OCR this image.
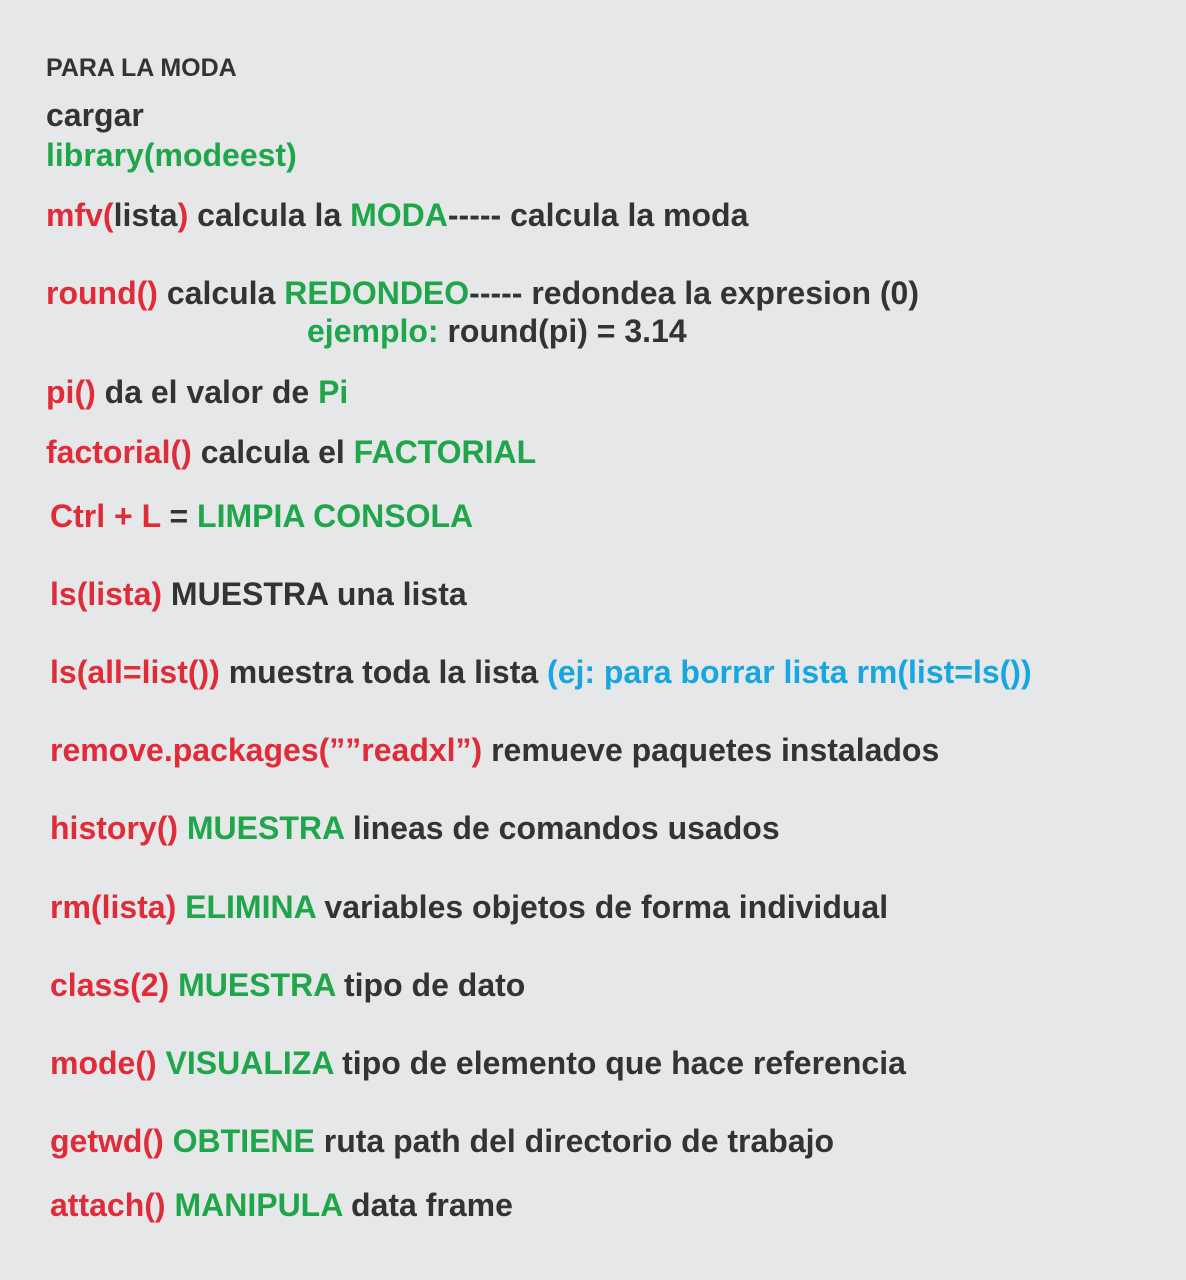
PARA LA MODA
cargar
library(modeest)
mfv(lista) calcula la MODA----- calcula la moda
round() calcula REDONDEO----- redondea la expresion (0)
ejemplo: round(pi) = 3.14
pi() da el valor de Pi
factorial() calcula el FACTORIAL
Ctrl + L = LIMPIA CONSOLA
ls(lista) MUESTRA una lista
ls(all=list()) muestra toda la lista (ej: para borrar lista rm(list=ls())
remove.packages(””readxl”) remueve paquetes instalados
history() MUESTRA lineas de comandos usados
rm(lista) ELIMINA variables objetos de forma individual
class(2) MUESTRA tipo de dato
mode() VISUALIZA tipo de elemento que hace referencia
getwd() OBTIENE ruta path del directorio de trabajo
attach() MANIPULA data frame
